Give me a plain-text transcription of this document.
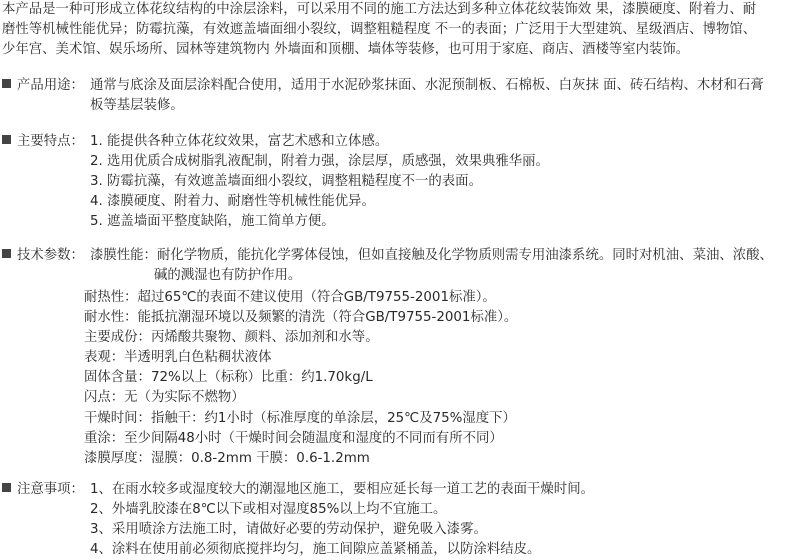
本产品是一种可形成立体花纹结构的中涂层涂料，可以采用不同的施工方法达到多种立体花纹装饰效 果，漆膜硬度、附着力、耐
磨性等机械性能优异；防霉抗藻，有效遮盖墙面细小裂纹，调整粗糙程度 不一的表面；广泛用于大型建筑、星级酒店、博物馆、
少年宫、美术馆、娱乐场所、园林等建筑物内 外墙面和顶棚、墙体等装修，也可用于家庭、商店、酒楼等室内装饰。
产品用途： 通常与底涂及面层涂料配合使用，适用于水泥砂浆抹面、水泥预制板、石棉板、白灰抹 面、砖石结构、木材和石膏
板等基层装修。
主要特点： 1. 能提供各种立体花纹效果，富艺术感和立体感。
2. 选用优质合成树脂乳液配制，附着力强，涂层厚，质感强，效果典雅华丽。
3. 防霉抗藻，有效遮盖墙面细小裂纹，调整粗糙程度不一的表面。
4. 漆膜硬度、附着力、耐磨性等机械性能优异。
5. 遮盖墙面平整度缺陷，施工简单方便。
技术参数： 漆膜性能：耐化学物质，能抗化学雾体侵蚀，但如直接触及化学物质则需专用油漆系统。同时对机油、菜油、浓酸、
碱的溅湿也有防护作用。
耐热性：超过65℃的表面不建议使用（符合GB/T9755-2001标准）。
耐水性：能抵抗潮湿环境以及频繁的清洗（符合GB/T9755-2001标准）。
主要成份：丙烯酸共聚物、颜料、添加剂和水等。
表观：半透明乳白色粘稠状液体
固体含量：72%以上（标称）比重：约1.70kg/L
闪点：无（为实际不燃物）
干燥时间：指触干：约1小时（标准厚度的单涂层，25℃及75%湿度下）
重涂：至少间隔48小时（干燥时间会随温度和湿度的不同而有所不同）
漆膜厚度：湿膜：0.8-2mm 干膜：0.6-1.2mm
注意事项： 1、在雨水较多或湿度较大的潮湿地区施工，要相应延长每一道工艺的表面干燥时间。
2、外墙乳胶漆在8℃以下或相对湿度85%以上均不宜施工。
3、采用喷涂方法施工时，请做好必要的劳动保护，避免吸入漆雾。
4、涂料在使用前必须彻底搅拌均匀，施工间隙应盖紧桶盖，以防涂料结皮。
